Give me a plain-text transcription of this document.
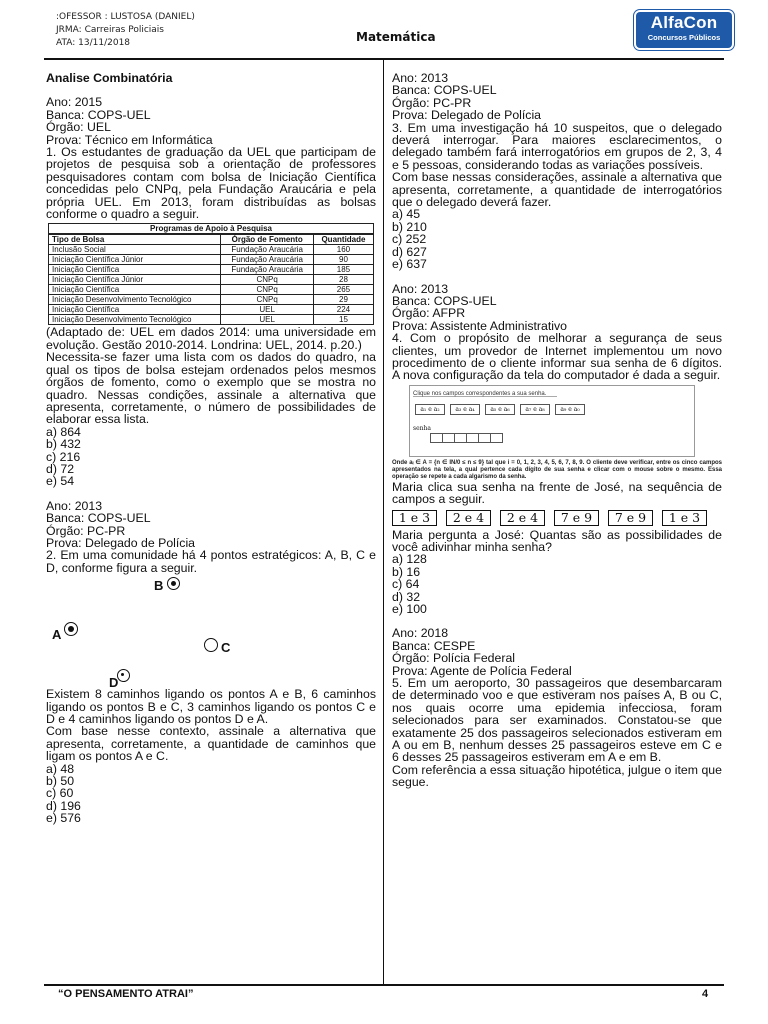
:OFESSOR : LUSTOSA (DANIEL)
JRMA: Carreiras Policiais
ATA: 13/11/2018	Matemática
AlfaCon
Concursos Públicos

Analise Combinatória

Ano: 2015

Banca: COPS-UEL

Órgão: UEL

Prova: Técnico em Informática

1. Os estudantes de graduação da UEL que participam de projetos de pesquisa sob a orientação de professores pesquisadores contam com bolsa de Iniciação Científica concedidas pelo CNPq, pela Fundação Araucária e pela própria UEL. Em 2013, foram distribuídas as bolsas conforme o quadro a seguir.

Programas de Apoio à Pesquisa		
Tipo de Bolsa	Órgão de Fomento	Quantidade
Inclusão Social	Fundação Araucária	160
Iniciação Científica Júnior	Fundação Araucária	90
Iniciação Científica	Fundação Araucária	185
Iniciação Científica Júnior	CNPq	28
Iniciação Científica	CNPq	265
Iniciação Desenvolvimento Tecnológico	CNPq	29
Iniciação Científica	UEL	224
Iniciação Desenvolvimento Tecnológico	UEL	15

(Adaptado de: UEL em dados 2014: uma universidade em evolução. Gestão 2010-2014. Londrina: UEL, 2014. p.20.)

Necessita-se fazer uma lista com os dados do quadro, na qual os tipos de bolsa estejam ordenados pelos mesmos órgãos de fomento, como o exemplo que se mostra no quadro. Nessas condições, assinale a alternativa que apresenta, corretamente, o número de possibilidades de elaborar essa lista.

a) 864

b) 432

c) 216

d) 72

e) 54

Ano: 2013

Banca: COPS-UEL

Órgão: PC-PR

Prova: Delegado de Polícia

2. Em uma comunidade há 4 pontos estratégicos: A, B, C e D, conforme figura a seguir.

B
A
C
D

Existem 8 caminhos ligando os pontos A e B, 6 caminhos ligando os pontos B e C, 3 caminhos ligando os pontos C e D e 4 caminhos ligando os pontos D e A.

Com base nesse contexto, assinale a alternativa que apresenta, corretamente, a quantidade de caminhos que ligam os pontos A e C.

a) 48

b) 50

c) 60

d) 196

e) 576

Ano: 2013

Banca: COPS-UEL

Órgão: PC-PR

Prova: Delegado de Polícia

3. Em uma investigação há 10 suspeitos, que o delegado deverá interrogar. Para maiores esclarecimentos, o delegado também fará interrogatórios em grupos de 2, 3, 4 e 5 pessoas, considerando todas as variações possíveis.

Com base nessas considerações, assinale a alternativa que apresenta, corretamente, a quantidade de interrogatórios que o delegado deverá fazer.

a) 45

b) 210

c) 252

d) 627

e) 637

Ano: 2013

Banca: COPS-UEL

Órgão: AFPR

Prova: Assistente Administrativo

4. Com o propósito de melhorar a segurança de seus clientes, um provedor de Internet implementou um novo procedimento de o cliente informar sua senha de 6 dígitos. A nova configuração da tela do computador é dada a seguir.

Clique nos campos correspondentes a sua senha.
a₁ e a₂	a₃ e a₄	a₅ e a₆	a₇ e a₈	a₉ e a₀
senha

Onde aᵢ ∈ A = {n ∈ IN/0 ≤ n ≤ 9} tal que i = 0, 1, 2, 3, 4, 5, 6, 7, 8, 9. O cliente deve verificar, entre os cinco campos apresentados na tela, a qual pertence cada dígito de sua senha e clicar com o mouse sobre o mesmo. Essa operação se repete a cada algarismo da senha.

Maria clica sua senha na frente de José, na sequência de campos a seguir.

1 e 3	2 e 4	2 e 4	7 e 9	7 e 9	1 e 3

Maria pergunta a José: Quantas são as possibilidades de você adivinhar minha senha?

a) 128

b) 16

c) 64

d) 32

e) 100

Ano: 2018

Banca: CESPE

Órgão: Polícia Federal

Prova: Agente de Polícia Federal

5. Em um aeroporto, 30 passageiros que desembarcaram de determinado voo e que estiveram nos países A, B ou C, nos quais ocorre uma epidemia infecciosa, foram selecionados para ser examinados. Constatou-se que exatamente 25 dos passageiros selecionados estiveram em A ou em B, nenhum desses 25 passageiros esteve em C e 6 desses 25 passageiros estiveram em A e em B.

Com referência a essa situação hipotética, julgue o item que segue.

“O PENSAMENTO ATRAI”	4
